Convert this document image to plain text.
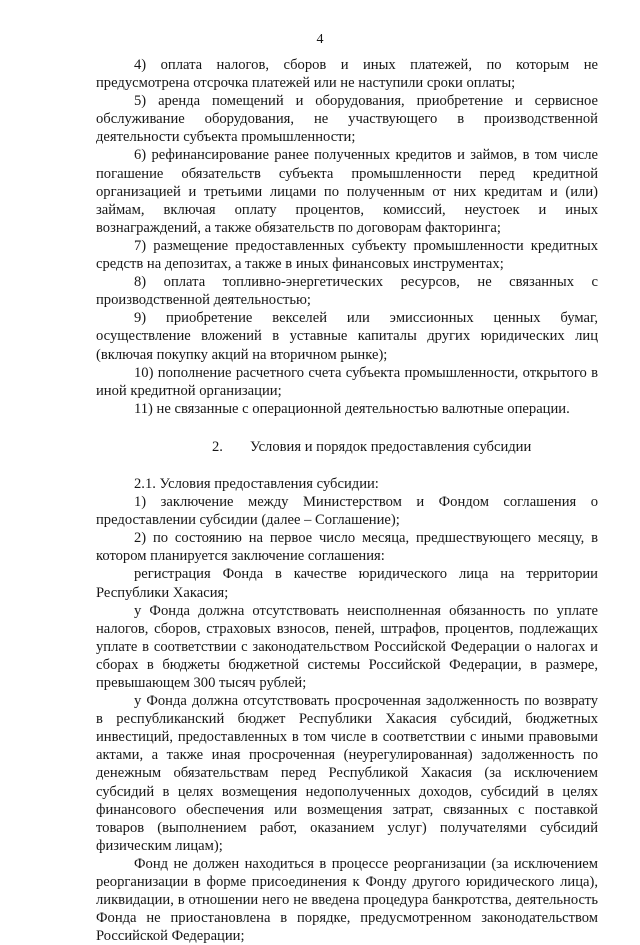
4

4) оплата налогов, сборов и иных платежей, по которым не предусмотрена отсрочка платежей или не наступили сроки оплаты;

5) аренда помещений и оборудования, приобретение и сервисное обслуживание оборудования, не участвующего в производственной деятельности субъекта промышленности;

6) рефинансирование ранее полученных кредитов и займов, в том числе погашение обязательств субъекта промышленности перед кредитной организацией и третьими лицами по полученным от них кредитам и (или) займам, включая оплату процентов, комиссий, неустоек и иных вознаграждений, а также обязательств по договорам факторинга;

7) размещение предоставленных субъекту промышленности кредитных средств на депозитах, а также в иных финансовых инструментах;

8) оплата топливно-энергетических ресурсов, не связанных с производственной деятельностью;

9) приобретение векселей или эмиссионных ценных бумаг, осуществление вложений в уставные капиталы других юридических лиц (включая покупку акций на вторичном рынке);

10) пополнение расчетного счета субъекта промышленности, открытого в иной кредитной организации;

11) не связанные с операционной деятельностью валютные операции.

2. Условия и порядок предоставления субсидии

2.1. Условия предоставления субсидии:

1) заключение между Министерством и Фондом соглашения о предоставлении субсидии (далее – Соглашение);

2) по состоянию на первое число месяца, предшествующего месяцу, в котором планируется заключение соглашения:

регистрация Фонда в качестве юридического лица на территории Республики Хакасия;

у Фонда должна отсутствовать неисполненная обязанность по уплате налогов, сборов, страховых взносов, пеней, штрафов, процентов, подлежащих уплате в соответствии с законодательством Российской Федерации о налогах и сборах в бюджеты бюджетной системы Российской Федерации, в размере, превышающем 300 тысяч рублей;

у Фонда должна отсутствовать просроченная задолженность по возврату в республиканский бюджет Республики Хакасия субсидий, бюджетных инвестиций, предоставленных в том числе в соответствии с иными правовыми актами, а также иная просроченная (неурегулированная) задолженность по денежным обязательствам перед Республикой Хакасия (за исключением субсидий в целях возмещения недополученных доходов, субсидий в целях финансового обеспечения или возмещения затрат, связанных с поставкой товаров (выполнением работ, оказанием услуг) получателями субсидий физическим лицам);

Фонд не должен находиться в процессе реорганизации (за исключением реорганизации в форме присоединения к Фонду другого юридического лица), ликвидации, в отношении него не введена процедура банкротства, деятельность Фонда не приостановлена в порядке, предусмотренном законодательством Российской Федерации;
